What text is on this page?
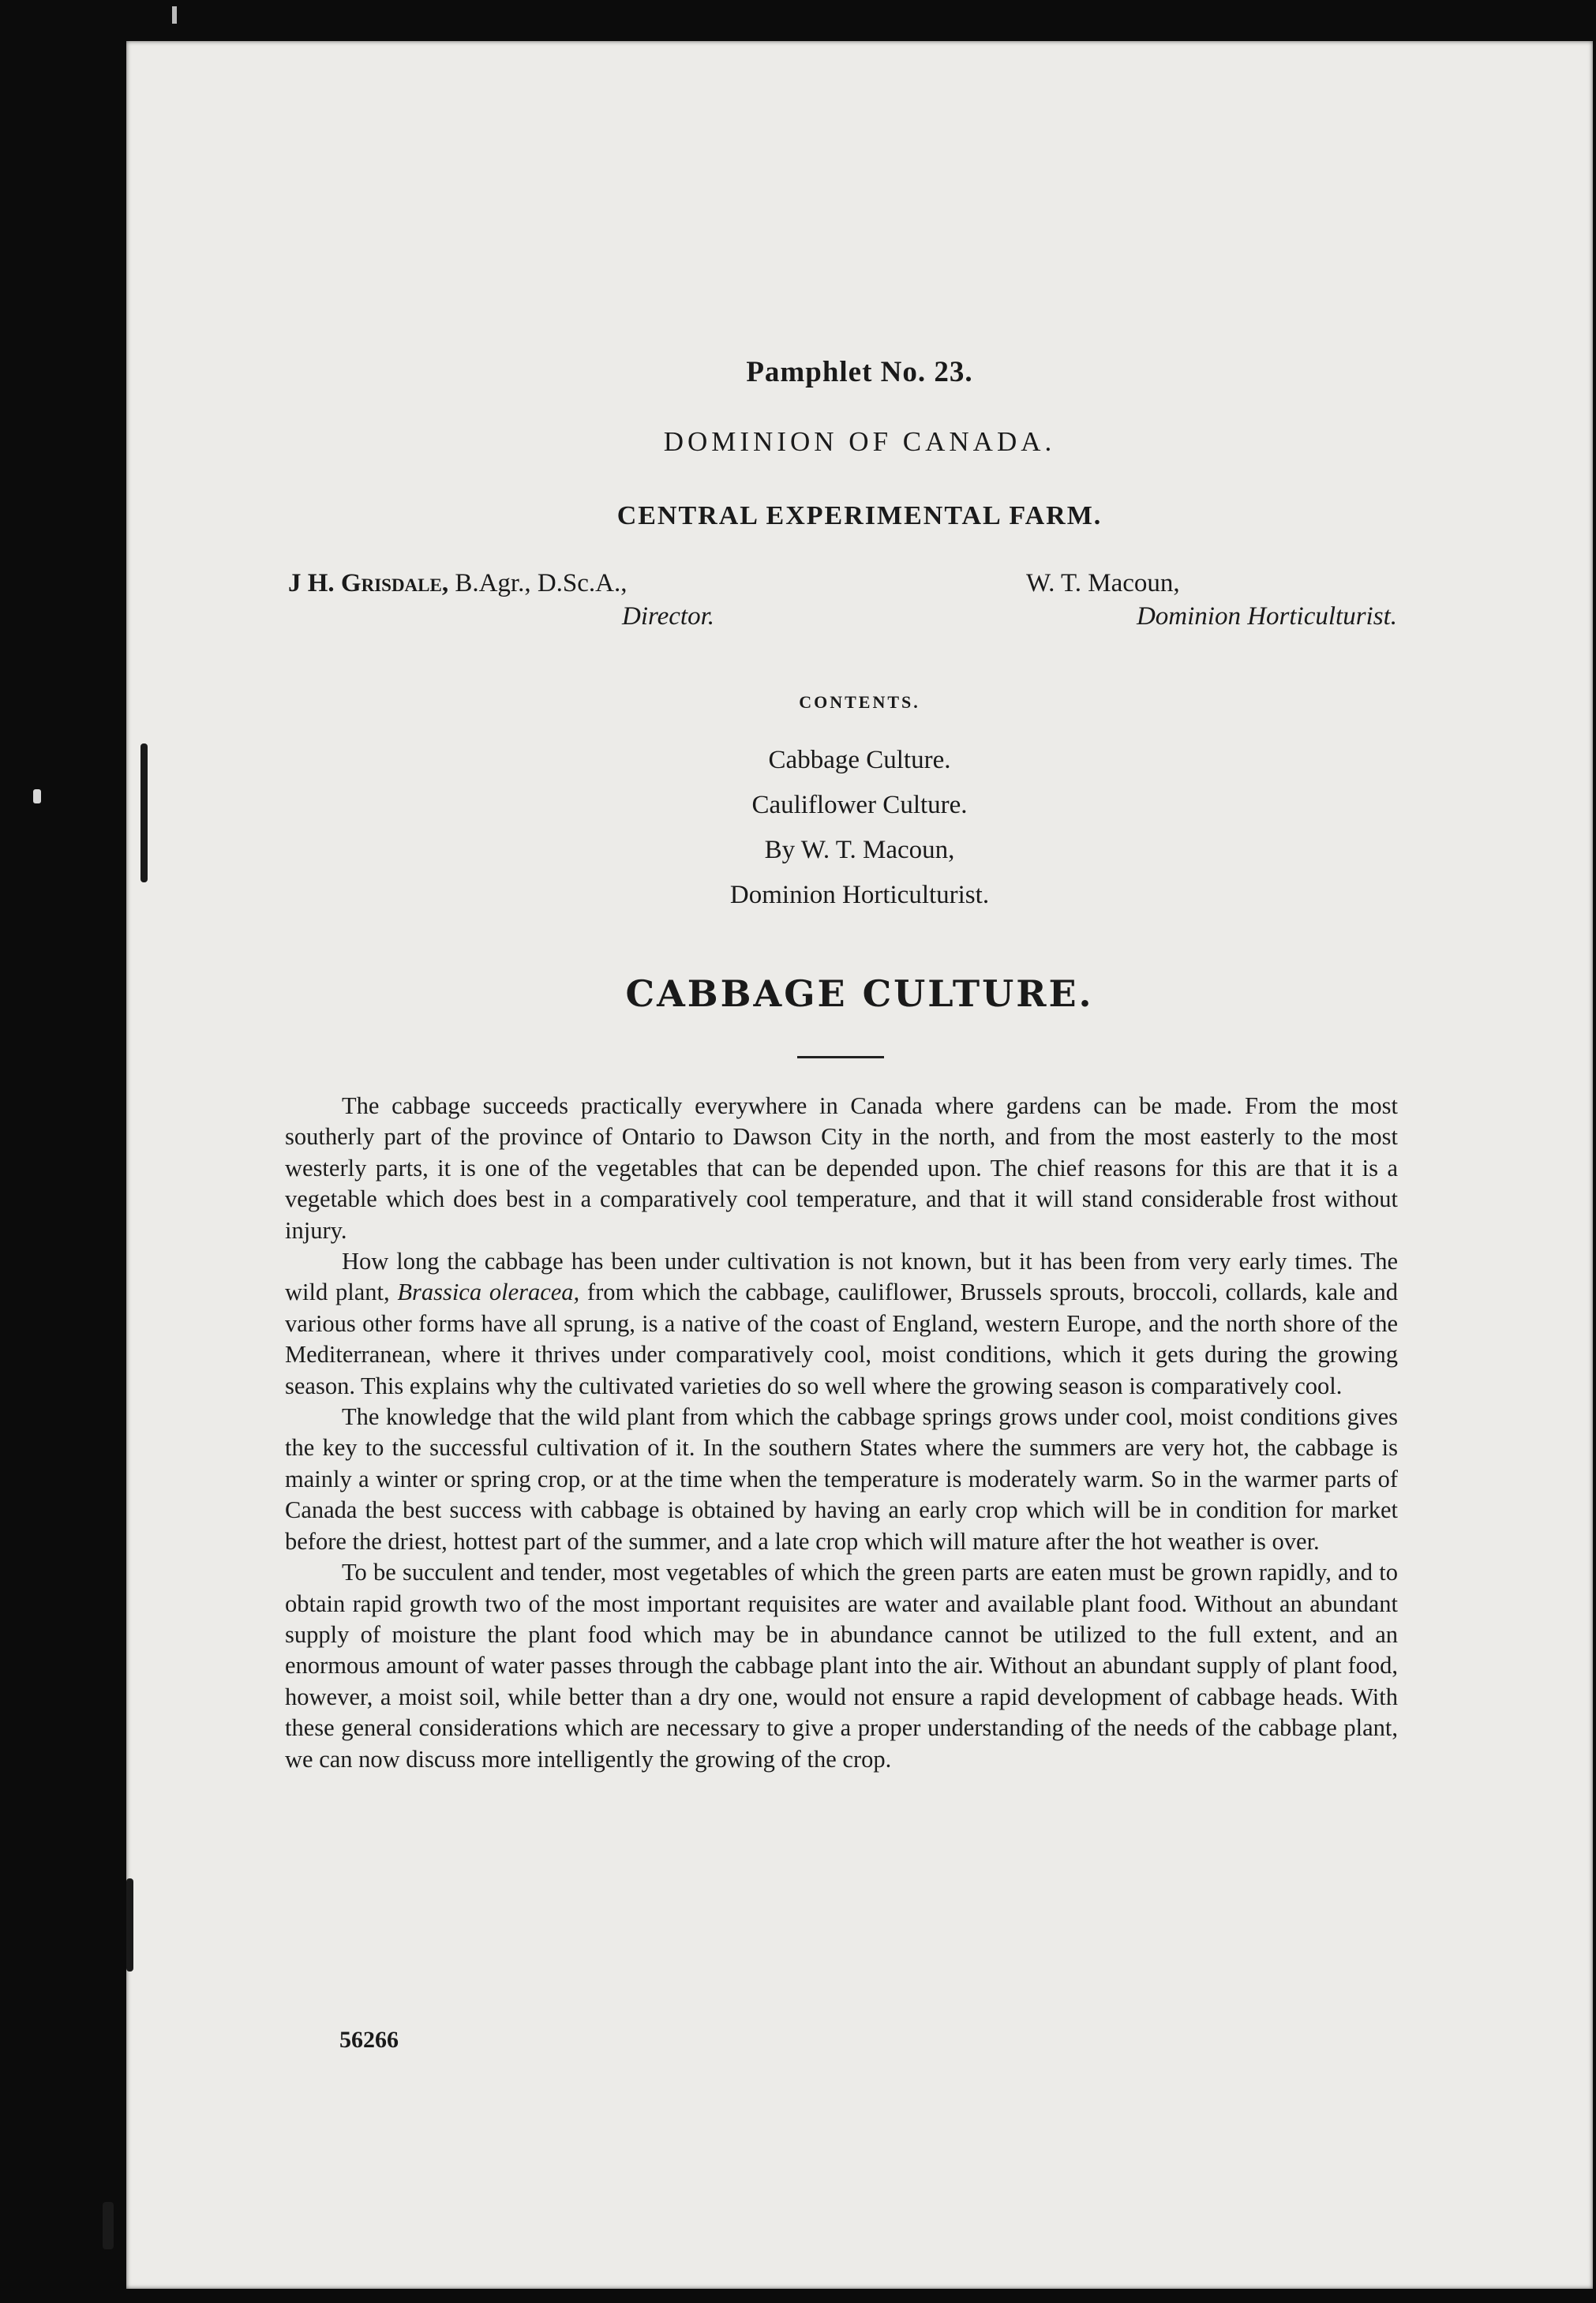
Pamphlet No. 23.
DOMINION OF CANADA.
CENTRAL EXPERIMENTAL FARM.
J H. Grisdale, B.Agr., D.Sc.A.,
Director.
W. T. Macoun,
Dominion Horticulturist.
CONTENTS.
Cabbage Culture.
Cauliflower Culture.
By W. T. Macoun,
Dominion Horticulturist.
CABBAGE CULTURE.

The cabbage succeeds practically everywhere in Canada where gardens can be made. From the most southerly part of the province of Ontario to Dawson City in the north, and from the most easterly to the most westerly parts, it is one of the vegetables that can be depended upon. The chief reasons for this are that it is a vegetable which does best in a comparatively cool temperature, and that it will stand considerable frost without injury.

How long the cabbage has been under cultivation is not known, but it has been from very early times. The wild plant, Brassica oleracea, from which the cabbage, cauliflower, Brussels sprouts, broccoli, collards, kale and various other forms have all sprung, is a native of the coast of England, western Europe, and the north shore of the Mediterranean, where it thrives under comparatively cool, moist conditions, which it gets during the growing season. This explains why the cultivated varieties do so well where the growing season is comparatively cool.

The knowledge that the wild plant from which the cabbage springs grows under cool, moist conditions gives the key to the successful cultivation of it. In the southern States where the summers are very hot, the cabbage is mainly a winter or spring crop, or at the time when the temperature is moderately warm. So in the warmer parts of Canada the best success with cabbage is obtained by having an early crop which will be in condition for market before the driest, hottest part of the summer, and a late crop which will mature after the hot weather is over.

To be succulent and tender, most vegetables of which the green parts are eaten must be grown rapidly, and to obtain rapid growth two of the most important requisites are water and available plant food. Without an abundant supply of moisture the plant food which may be in abundance cannot be utilized to the full extent, and an enormous amount of water passes through the cabbage plant into the air. Without an abundant supply of plant food, however, a moist soil, while better than a dry one, would not ensure a rapid development of cabbage heads. With these general considerations which are necessary to give a proper understanding of the needs of the cabbage plant, we can now discuss more intelligently the growing of the crop.

56266
